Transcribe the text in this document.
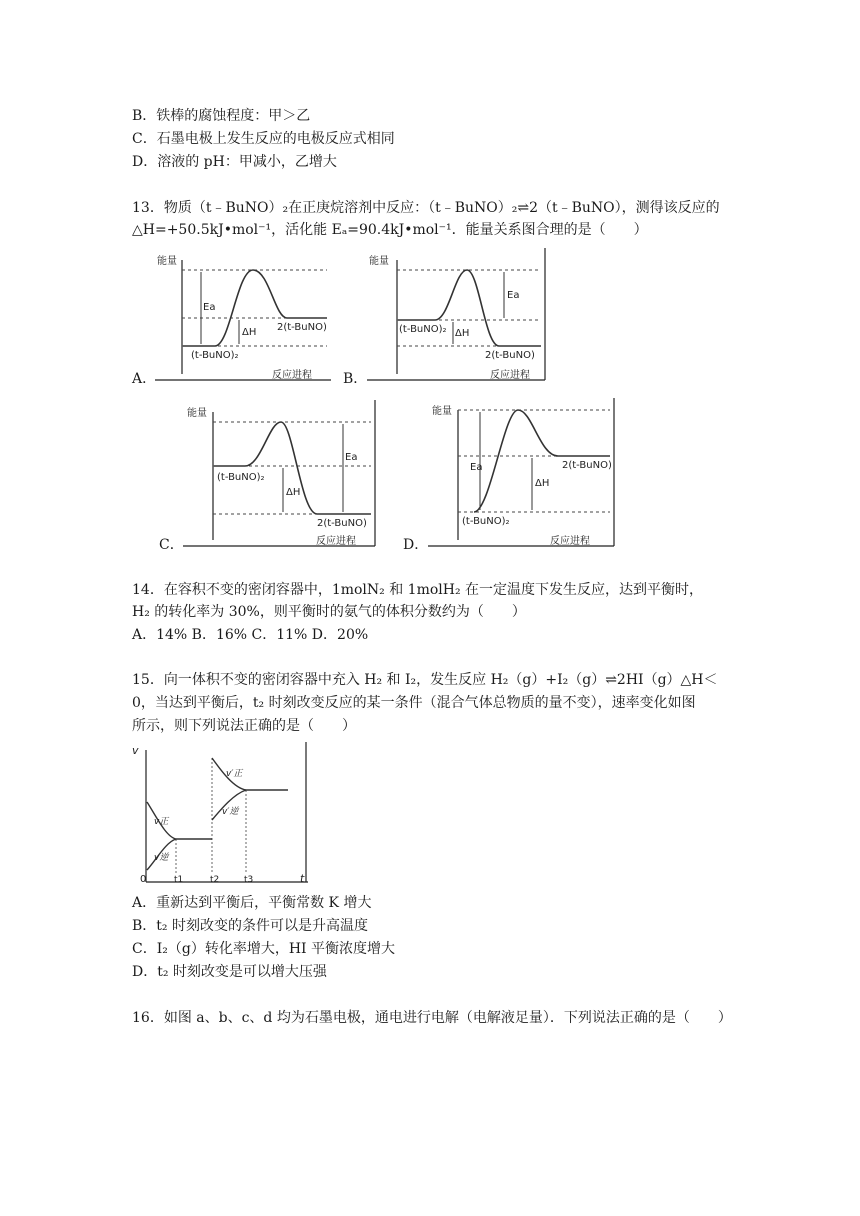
B．铁棒的腐蚀程度：甲＞乙
C．石墨电极上发生反应的电极反应式相同
D．溶液的 pH：甲减小，乙增大
13．物质（t﹣BuNO）₂在正庚烷溶剂中反应：（t﹣BuNO）₂⇌2（t﹣BuNO），测得该反应的
△H=+50.5kJ•mol⁻¹，活化能 Eₐ=90.4kJ•mol⁻¹．能量关系图合理的是（　　）
A．
能量
反应进程
Ea
ΔH 2(t-BuNO)
(t-BuNO)₂
B．
能量
反应进程
Ea
ΔH
(t-BuNO)₂
2(t-BuNO)
C．
能量
反应进程
Ea
ΔH
(t-BuNO)₂
2(t-BuNO)
D．
能量
反应进程
Ea
ΔH
2(t-BuNO)
(t-BuNO)₂
14．在容积不变的密闭容器中，1molN₂ 和 1molH₂ 在一定温度下发生反应，达到平衡时，
H₂ 的转化率为 30%，则平衡时的氨气的体积分数约为（　　）
A．14% B．16% C．11% D．20%
15．向一体积不变的密闭容器中充入 H₂ 和 I₂，发生反应 H₂（g）+I₂（g）⇌2HI（g）△H＜
0，当达到平衡后，t₂ 时刻改变反应的某一条件（混合气体总物质的量不变），速率变化如图
所示，则下列说法正确的是（　　）
v
0	t1	t2	t3
v正
v逆
v′正
v′逆
t
A．重新达到平衡后，平衡常数 K 增大
B．t₂ 时刻改变的条件可以是升高温度
C．I₂（g）转化率增大，HI 平衡浓度增大
D．t₂ 时刻改变是可以增大压强
16．如图 a、b、c、d 均为石墨电极，通电进行电解（电解液足量）．下列说法正确的是（　　）
